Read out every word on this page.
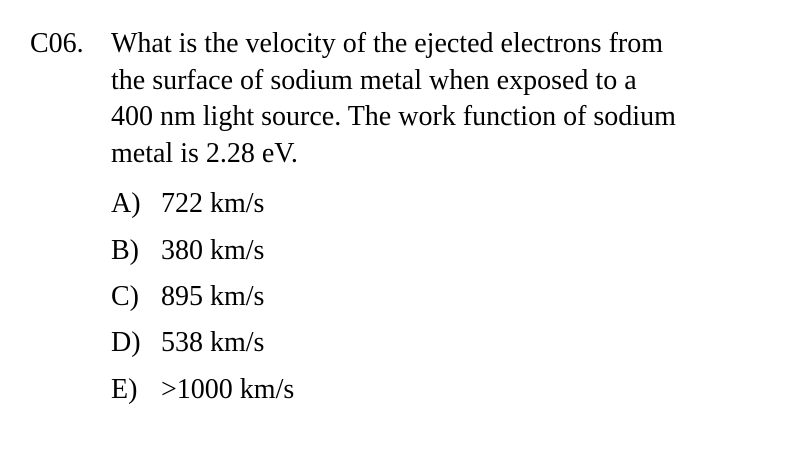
C06. What is the velocity of the ejected electrons from
the surface of sodium metal when exposed to a
400 nm light source. The work function of sodium
metal is 2.28 eV.
A) 722 km/s
B) 380 km/s
C) 895 km/s
D) 538 km/s
E) >1000 km/s
